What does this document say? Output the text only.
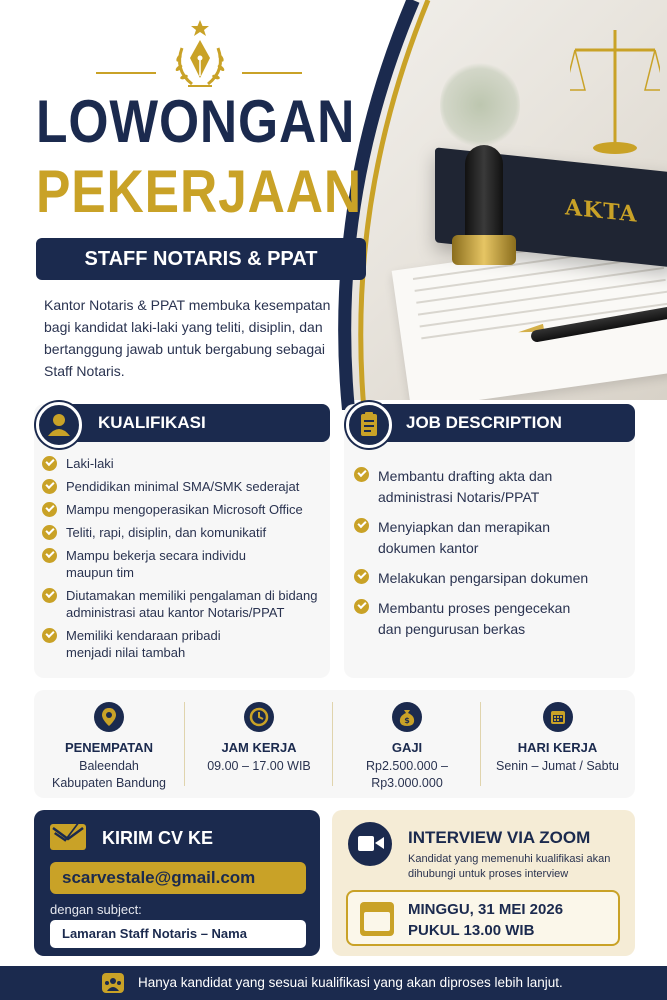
AKTA
LOWONGAN
PEKERJAAN
STAFF NOTARIS & PPAT
Kantor Notaris & PPAT membuka kesempatan bagi kandidat laki-laki yang teliti, disiplin, dan bertanggung jawab untuk bergabung sebagai Staff Notaris.
KUALIFIKASI
Laki-laki
Pendidikan minimal SMA/SMK sederajat
Mampu mengoperasikan Microsoft Office
Teliti, rapi, disiplin, dan komunikatif
Mampu bekerja secara individu maupun tim
Diutamakan memiliki pengalaman di bidang administrasi atau kantor Notaris/PPAT
Memiliki kendaraan pribadi menjadi nilai tambah
JOB DESCRIPTION
Membantu drafting akta dan administrasi Notaris/PPAT
Menyiapkan dan merapikan dokumen kantor
Melakukan pengarsipan dokumen
Membantu proses pengecekan dan pengurusan berkas
PENEMPATAN
Baleendah
Kabupaten Bandung
JAM KERJA
09.00 – 17.00 WIB
$
GAJI
Rp2.500.000 –
Rp3.000.000
HARI KERJA
Senin – Jumat / Sabtu
KIRIM CV KE
scarvestale@gmail.com
dengan subject:
Lamaran Staff Notaris – Nama
INTERVIEW VIA ZOOM
Kandidat yang memenuhi kualifikasi akan dihubungi untuk proses interview
MINGGU, 31 MEI 2026
PUKUL 13.00 WIB
Hanya kandidat yang sesuai kualifikasi yang akan diproses lebih lanjut.
